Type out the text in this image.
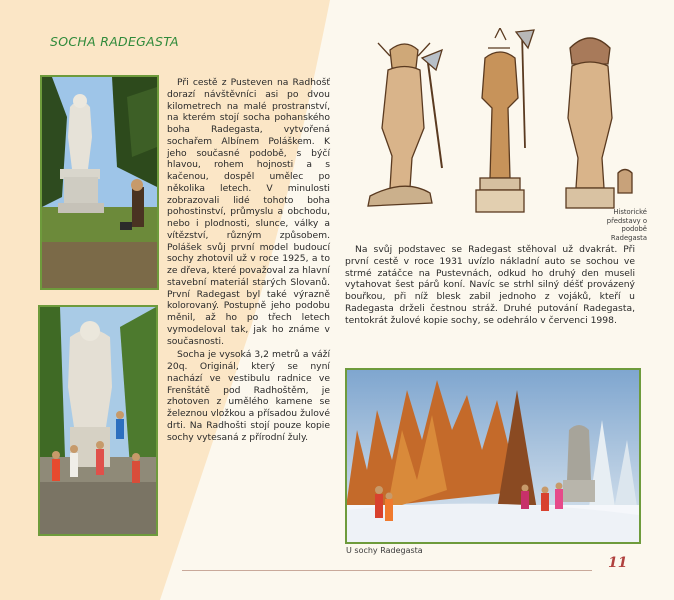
SOCHA RADEGASTA

Při cestě z Pusteven na Radhošť dorazí návštěvníci asi po dvou kilometrech na malé prostranství, na kterém stojí socha pohanského boha Radegasta, vytvořená sochařem Albínem Poláškem. K jeho současné podobě, s býčí hlavou, rohem hojnosti a s kačenou, dospěl umělec po několika letech. V minulosti zobrazovali lidé tohoto boha pohostinství, průmyslu a obchodu, nebo i plodnosti, slunce, války a vítězství, různým způsobem. Polášek svůj první model budoucí sochy zhotovil už v roce 1925, a to ze dřeva, které považoval za hlavní stavební materiál starých Slovanů. První Radegast byl také výrazně kolorovaný. Postupně jeho podobu měnil, až ho po třech letech vymodeloval tak, jak ho známe v současnosti.

Socha je vysoká 3,2 metrů a váží 20q. Originál, který se nyní nachází ve vestibulu radnice ve Frenštátě pod Radhoštěm, je zhotoven z umělého kamene se železnou vložkou a přísadou žulové drti. Na Radhošti stojí pouze kopie sochy vytesaná z přírodní žuly.

Historické představy o podobě Radegasta

Na svůj podstavec se Radegast stěhoval už dvakrát. Při první cestě v roce 1931 uvízlo nákladní auto se sochou ve strmé zatáčce na Pustevnách, odkud ho druhý den museli vytahovat šest párů koní. Navíc se strhl silný déšť provázený bouřkou, při níž blesk zabil jednoho z vojáků, kteří u Radegasta drželi čestnou stráž. Druhé putování Radegasta, tentokrát žulové kopie sochy, se odehrálo v červenci 1998.

U sochy Radegasta
11
